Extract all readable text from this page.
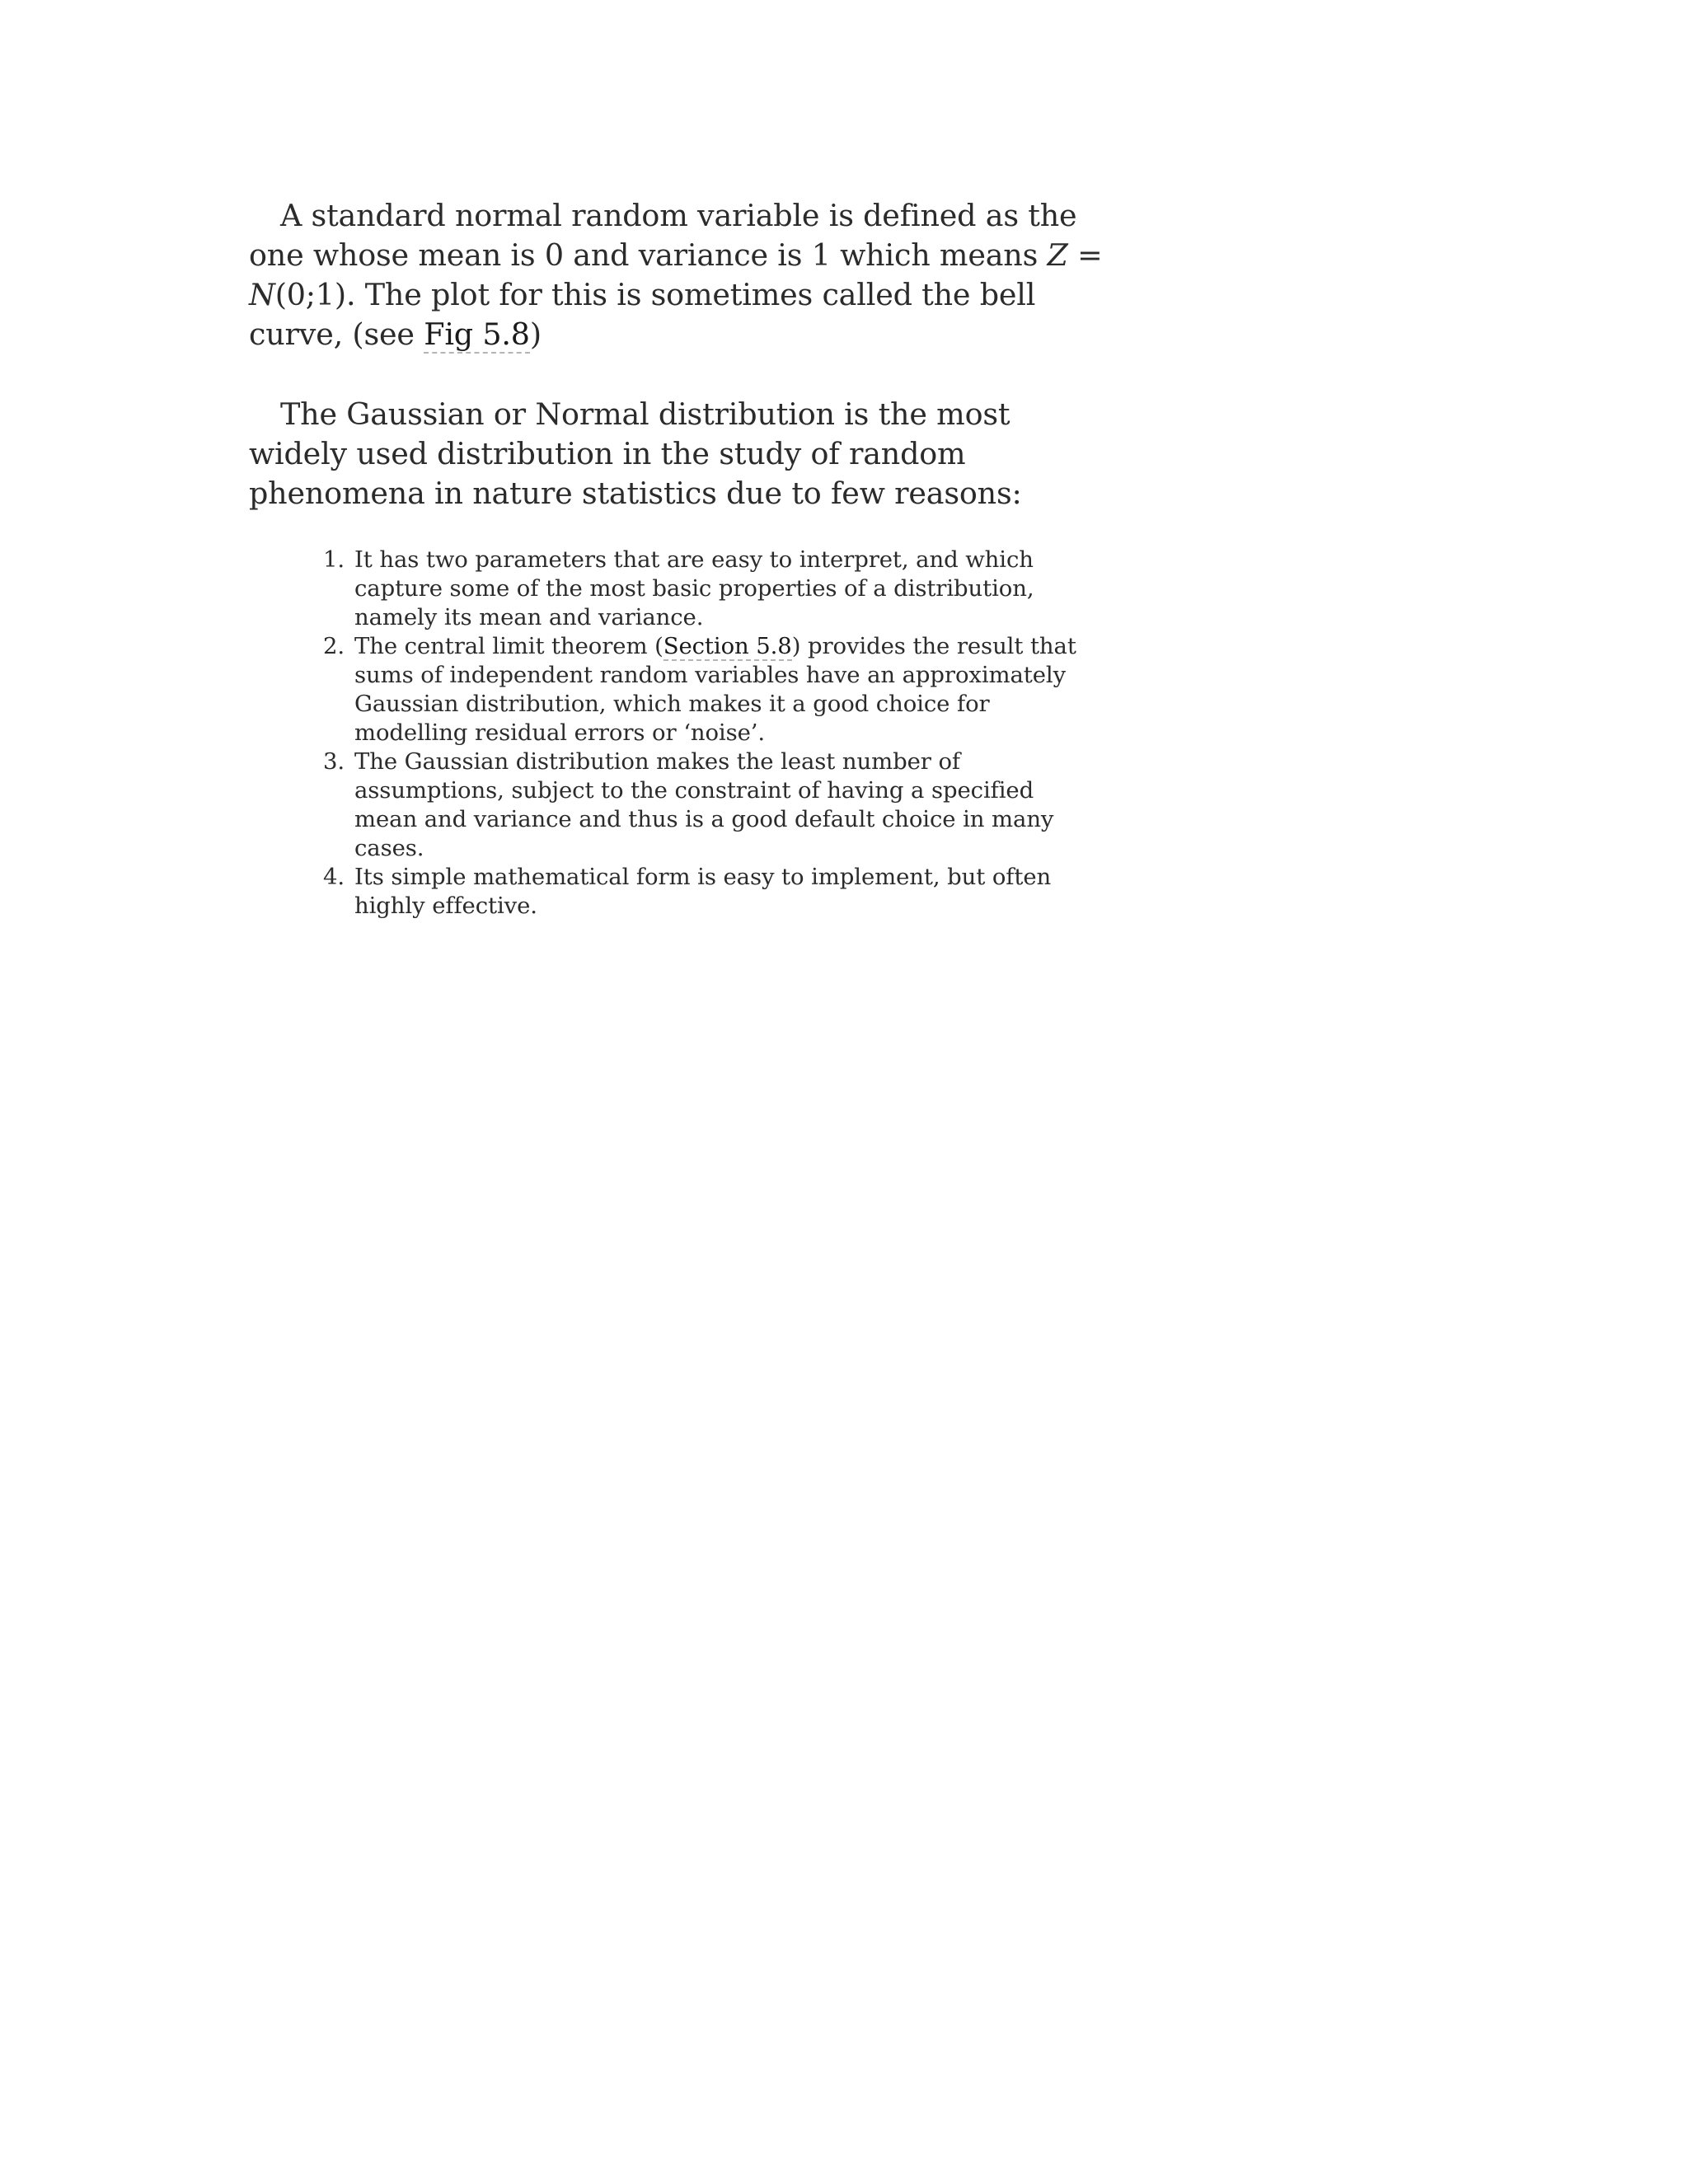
A standard normal random variable is defined as the
one whose mean is 0 and variance is 1 which means Z =
N(0;1). The plot for this is sometimes called the bell
curve, (see Fig 5.8)

The Gaussian or Normal distribution is the most
widely used distribution in the study of random
phenomena in nature statistics due to few reasons:

1. It has two parameters that are easy to interpret, and which
capture some of the most basic properties of a distribution,
namely its mean and variance.
2. The central limit theorem (Section 5.8) provides the result that
sums of independent random variables have an approximately
Gaussian distribution, which makes it a good choice for
modelling residual errors or ‘noise’.
3. The Gaussian distribution makes the least number of
assumptions, subject to the constraint of having a specified
mean and variance and thus is a good default choice in many
cases.
4. Its simple mathematical form is easy to implement, but often
highly effective.
